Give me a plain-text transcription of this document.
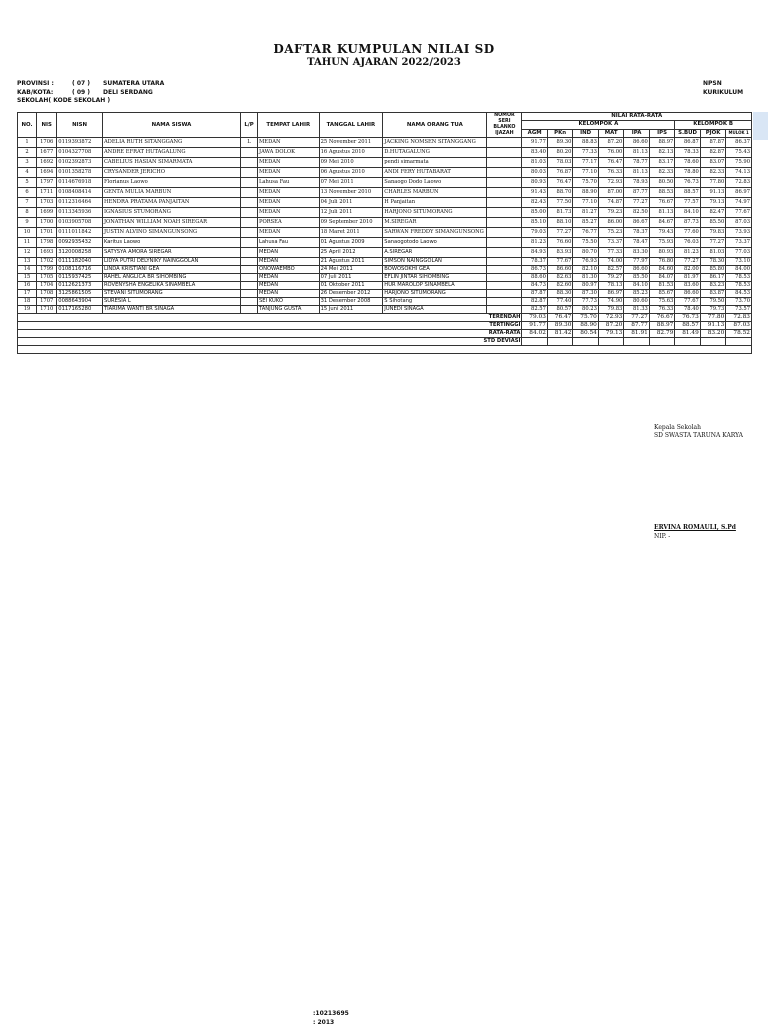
DAFTAR KUMPULAN NILAI SD
TAHUN AJARAN 2022/2023
PROVINSI :	( 07 ) SUMATERA UTARA
KAB/KOTA:	( 09 ) DELI SERDANG
SEKOLAH( KODE SEKOLAH )
NPSN
KURIKULUM
NO.	NIS	NISN	NAMA SISWA	L/P	TEMPAT LAHIR	TANGGAL LAHIR	NAMA ORANG TUA	NOMOR SERI BLANKO IJAZAH	NILAI RATA-RATA								
									KELOMPOK A						KELOMPOK B		
									AGM	PKn	IND	MAT	IPA	IPS	S.BUD	PJOK	MULOK 1
1	1706	0119393872	ADELIA RUTH SITANGGANG	L	MEDAN	25 November 2011	JACKING NOMSEN SITANGGANG		91.77	89.30	88.83	87.20	86.60	88.97	86.87	87.87	86.37
2	1677	0104327708	ANDRE EFRAT HUTAGALUNG		JAWA DOLOK	16 Agustus 2010	D.HUTAGALUNG		83.40	80.20	77.33	76.00	81.13	82.13	78.33	82.87	75.43
3	1692	0102392873	CABELIUS HASIAN SIMARMATA		MEDAN	09 Mei 2010	pendi simarmata		81.03	78.03	77.17	76.47	78.77	83.17	78.60	83.07	75.90
4	1694	0101358278	CRYSANDER JERICHO		MEDAN	06 Agustus 2010	ANDI FERY HUTABARAT		80.03	76.87	77.10	76.33	81.13	82.33	78.80	82.33	74.13
5	1797	0114676918	Florianus Laowo		Lahusa Fau	07 Mei 2011	Sanaogo Dodo Laowo		80.93	76.47	75.70	72.93	78.93	80.50	76.73	77.80	72.83
6	1711	0108408414	GENTA MULIA MARBUN		MEDAN	13 November 2010	CHARLES MARBUN		91.43	88.70	88.90	87.00	87.77	88.53	88.57	91.13	86.97
7	1703	0112316464	HENDRA PRATAMA PANJAITAN		MEDAN	04 Juli 2011	H Panjaitan		82.43	77.50	77.10	74.87	77.27	76.67	77.57	79.13	74.97
8	1699	0113345936	IGNASIUS STUMORANG		MEDAN	12 Juli 2011	HARJONO SITUMORANG		85.00	81.73	81.27	79.23	82.50	81.13	84.10	82.47	77.67
9	1700	0103905708	JONATHAN WILLIAM NOAH SIREGAR		PORSEA	09 September 2010	M.SIREGAR		85.10	88.10	85.27	86.00	86.67	84.67	87.73	85.50	87.03
10	1701	0111011842	JUSTIN ALVINO SIMANGUNSONG		MEDAN	18 Maret 2011	SARWAN FREDDY SIMANGUNSONG		79.03	77.27	76.77	75.23	78.37	79.43	77.60	79.83	73.93
11	1798	0092935432	Karitus Laowo		Lahusa Fau	01 Agustus 2009	Sanaogotodo Laowo		81.23	76.60	75.50	73.37	78.47	75.93	76.03	77.27	73.37
12	1693	3120008258	SATYSYA AMORA SIREGAR		MEDAN	25 April 2012	A.SIREGAR		84.93	83.93	80.70	77.33	83.30	80.93	81.23	81.03	77.03
13	1702	0111182040	LIDYA PUTRI DELYNIKY NAINGGOLAN		MEDAN	21 Agustus 2011	SIMSON NAINGGOLAN		78.37	77.67	76.93	74.00	77.97	76.80	77.27	78.30	73.10
14	1799	0108116716	LINDA KRISTIANI GEA		ONOWAEMBO	24 Mei 2011	BOWOSOKHI GEA		86.73	86.60	82.10	82.57	86.60	84.60	82.00	85.80	84.00
15	1705	0115937425	RAHEL ANGLICA BR SIHOMBING		MEDAN	07 Juli 2011	EFLIN JINTAR SIHOMBING		88.60	82.63	81.30	79.27	85.50	84.07	81.97	86.17	78.53
16	1704	0112621373	ROVENYSHA ENGELIKA SINAMBELA		MEDAN	01 Oktober 2011	HUR MAROLOP SINAMBELA		84.73	82.60	80.97	78.13	84.10	81.53	83.60	83.23	78.53
17	1708	3125861505	STEVANI SITUMORANG		MEDAN	26 Desember 2012	HARJONO SITUMORANG		87.87	88.30	87.30	86.97	85.23	85.67	86.60	83.87	84.53
18	1707	0088643904	SURESIA L		SEI KUKO	31 Desember 2008	S Sihotang		82.87	77.40	77.73	74.90	80.60	75.63	77.67	79.50	73.70
19	1710	0117165280	TIARIMA WANTI BR SINAGA		TANJUNG GUSTA	15 Juni 2011	JUNEDI SINAGA		82.57	80.57	80.23	79.83	81.33	76.33	78.40	79.73	73.57
TERENDAH									79.03	76.47	75.70	72.93	77.27	76.67	76.73	77.80	72.83
TERTINGGI									91.77	89.30	88.90	87.20	87.77	88.97	88.57	91.13	87.03
RATA-RATA									84.02	81.42	80.54	79.13	81.91	82.79	81.49	83.20	78.52
STD DEVIASI																	

Kepala Sekolah
SD SWASTA TARUNA KARYA
ERVINA ROMAULI, S.Pd
NIP. -
:10213695
: 2013
